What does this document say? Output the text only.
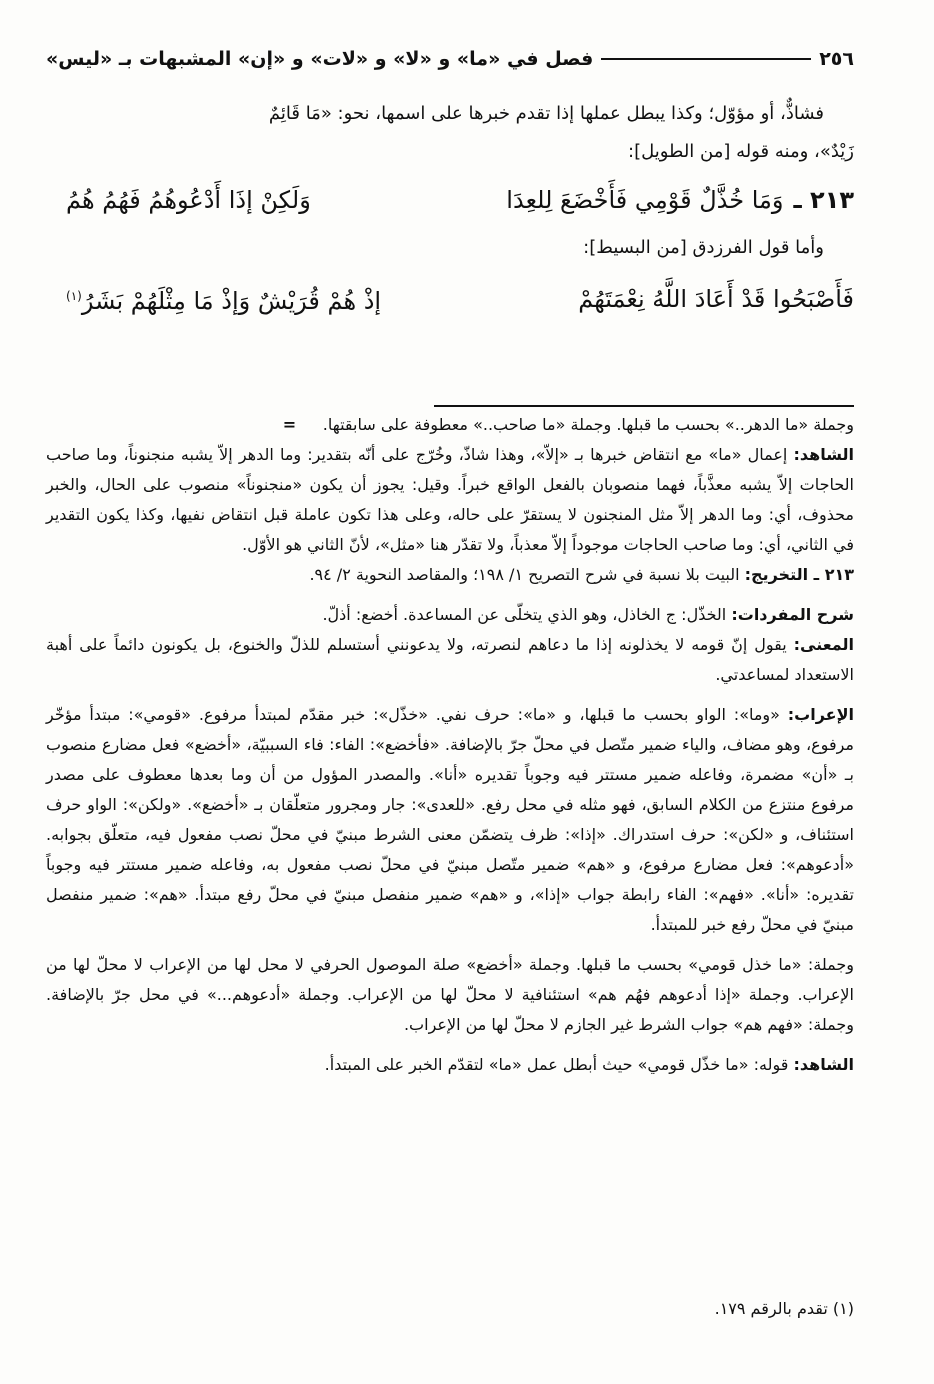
٢٥٦
فصل في «ما» و «لا» و «لات» و «إن» المشبهات بـ «ليس»

فشاذٌّ، أو مؤوّل؛ وكذا يبطل عملها إذا تقدم خبرها على اسمها، نحو: «مَا قَائِمٌ

زَيْدٌ»، ومنه قوله [من الطويل]:

٢١٣ ـ
وَمَا خُذَّلٌ قَوْمِي فَأَخْضَعَ لِلعِدَا
وَلَكِنْ إذَا أَدْعُوهُمُ فَهُمُ هُمُ

وأما قول الفرزدق [من البسيط]:

فَأَصْبَحُوا قَدْ أَعَادَ اللَّهُ نِعْمَتَهُمْ
إذْ هُمْ قُرَيْشٌ وَإذْ مَا مِثْلَهُمْ بَشَرُ$^{(١)}$

وجملة «ما الدهر..» بحسب ما قبلها. وجملة «ما صاحب..» معطوفة على سابقتها.=

الشاهد: إعمال «ما» مع انتقاض خبرها بـ «إلاّ»، وهذا شاذّ، وخُرّج على أنّه بتقدير: وما الدهر إلاّ يشبه منجنوناً، وما صاحب الحاجات إلاّ يشبه معذَّباً، فهما منصوبان بالفعل الواقع خبراً. وقيل: يجوز أن يكون «منجنوناً» منصوب على الحال، والخبر محذوف، أي: وما الدهر إلاّ مثل المنجنون لا يستقرّ على حاله، وعلى هذا تكون عاملة قبل انتقاض نفيها، وكذا يكون التقدير في الثاني، أي: وما صاحب الحاجات موجوداً إلاّ معذباً، ولا تقدّر هنا «مثل»، لأنّ الثاني هو الأوّل.

٢١٣ ـ التخريج: البيت بلا نسبة في شرح التصريح ١/ ١٩٨؛ والمقاصد النحوية ٢/ ٩٤.

شرح المفردات: الخذّل: ج الخاذل، وهو الذي يتخلّى عن المساعدة. أخضع: أذلّ.

المعنى: يقول إنّ قومه لا يخذلونه إذا ما دعاهم لنصرته، ولا يدعونني أستسلم للذلّ والخنوع، بل يكونون دائماً على أهبة الاستعداد لمساعدتي.

الإعراب: «وما»: الواو بحسب ما قبلها، و «ما»: حرف نفي. «خذّل»: خبر مقدّم لمبتدأ مرفوع. «قومي»: مبتدأ مؤخّر مرفوع، وهو مضاف، والياء ضمير متّصل في محلّ جرّ بالإضافة. «فأخضع»: الفاء: فاء السببيّة، «أخضع» فعل مضارع منصوب بـ «أن» مضمرة، وفاعله ضمير مستتر فيه وجوباً تقديره «أنا». والمصدر المؤول من أن وما بعدها معطوف على مصدر مرفوع منتزع من الكلام السابق، فهو مثله في محل رفع. «للعدى»: جار ومجرور متعلّقان بـ «أخضع». «ولكن»: الواو حرف استئناف، و «لكن»: حرف استدراك. «إذا»: ظرف يتضمّن معنى الشرط مبنيّ في محلّ نصب مفعول فيه، متعلّق بجوابه. «أدعوهم»: فعل مضارع مرفوع، و «هم» ضمير متّصل مبنيّ في محلّ نصب مفعول به، وفاعله ضمير مستتر فيه وجوباً تقديره: «أنا». «فهم»: الفاء رابطة جواب «إذا»، و «هم» ضمير منفصل مبنيّ في محلّ رفع مبتدأ. «هم»: ضمير منفصل مبنيّ في محلّ رفع خبر للمبتدأ.

وجملة: «ما خذل قومي» بحسب ما قبلها. وجملة «أخضع» صلة الموصول الحرفي لا محل لها من الإعراب لا محلّ لها من الإعراب. وجملة «إذا أدعوهم فهُم هم» استئنافية لا محلّ لها من الإعراب. وجملة «أدعوهم...» في محل جرّ بالإضافة. وجملة: «فهم هم» جواب الشرط غير الجازم لا محلّ لها من الإعراب.

الشاهد: قوله: «ما خذّل قومي» حيث أبطل عمل «ما» لتقدّم الخبر على المبتدأ.

(١) تقدم بالرقم ١٧٩.
